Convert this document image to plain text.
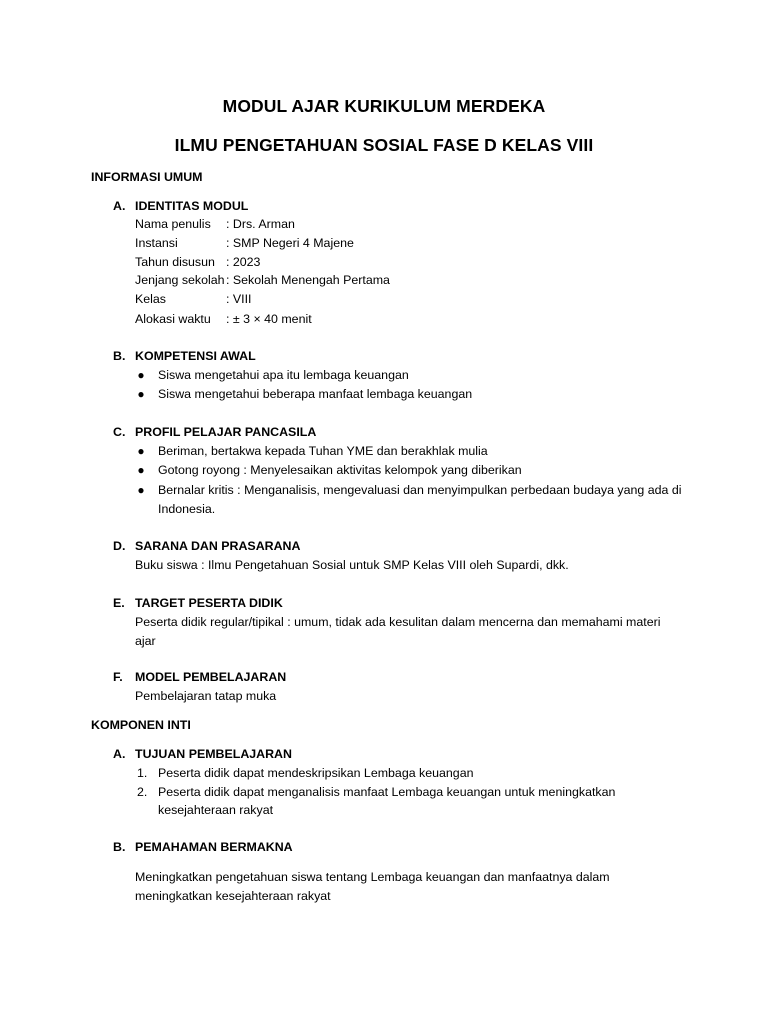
MODUL AJAR KURIKULUM MERDEKA
ILMU PENGETAHUAN SOSIAL FASE D KELAS VIII
INFORMASI UMUM
A. IDENTITAS MODUL
Nama penulis : Drs. Arman
Instansi	: SMP Negeri 4 Majene
Tahun disusun : 2023
Jenjang sekolah: Sekolah Menengah Pertama
Kelas	: VIII
Alokasi waktu : ± 3 × 40 menit
B. KOMPETENSI AWAL
● Siswa mengetahui apa itu lembaga keuangan
● Siswa mengetahui beberapa manfaat lembaga keuangan
C. PROFIL PELAJAR PANCASILA
● Beriman, bertakwa kepada Tuhan YME dan berakhlak mulia
● Gotong royong : Menyelesaikan aktivitas kelompok yang diberikan
● Bernalar kritis : Menganalisis, mengevaluasi dan menyimpulkan perbedaan budaya yang ada di Indonesia.
D. SARANA DAN PRASARANA
Buku siswa : Ilmu Pengetahuan Sosial untuk SMP Kelas VIII oleh Supardi, dkk.
E. TARGET PESERTA DIDIK
Peserta didik regular/tipikal : umum, tidak ada kesulitan dalam mencerna dan memahami materi
ajar
F. MODEL PEMBELAJARAN
Pembelajaran tatap muka
KOMPONEN INTI
A. TUJUAN PEMBELAJARAN
1. Peserta didik dapat mendeskripsikan Lembaga keuangan
2. Peserta didik dapat menganalisis manfaat Lembaga keuangan untuk meningkatkan
kesejahteraan rakyat
B. PEMAHAMAN BERMAKNA
Meningkatkan pengetahuan siswa tentang Lembaga keuangan dan manfaatnya dalam
meningkatkan kesejahteraan rakyat
